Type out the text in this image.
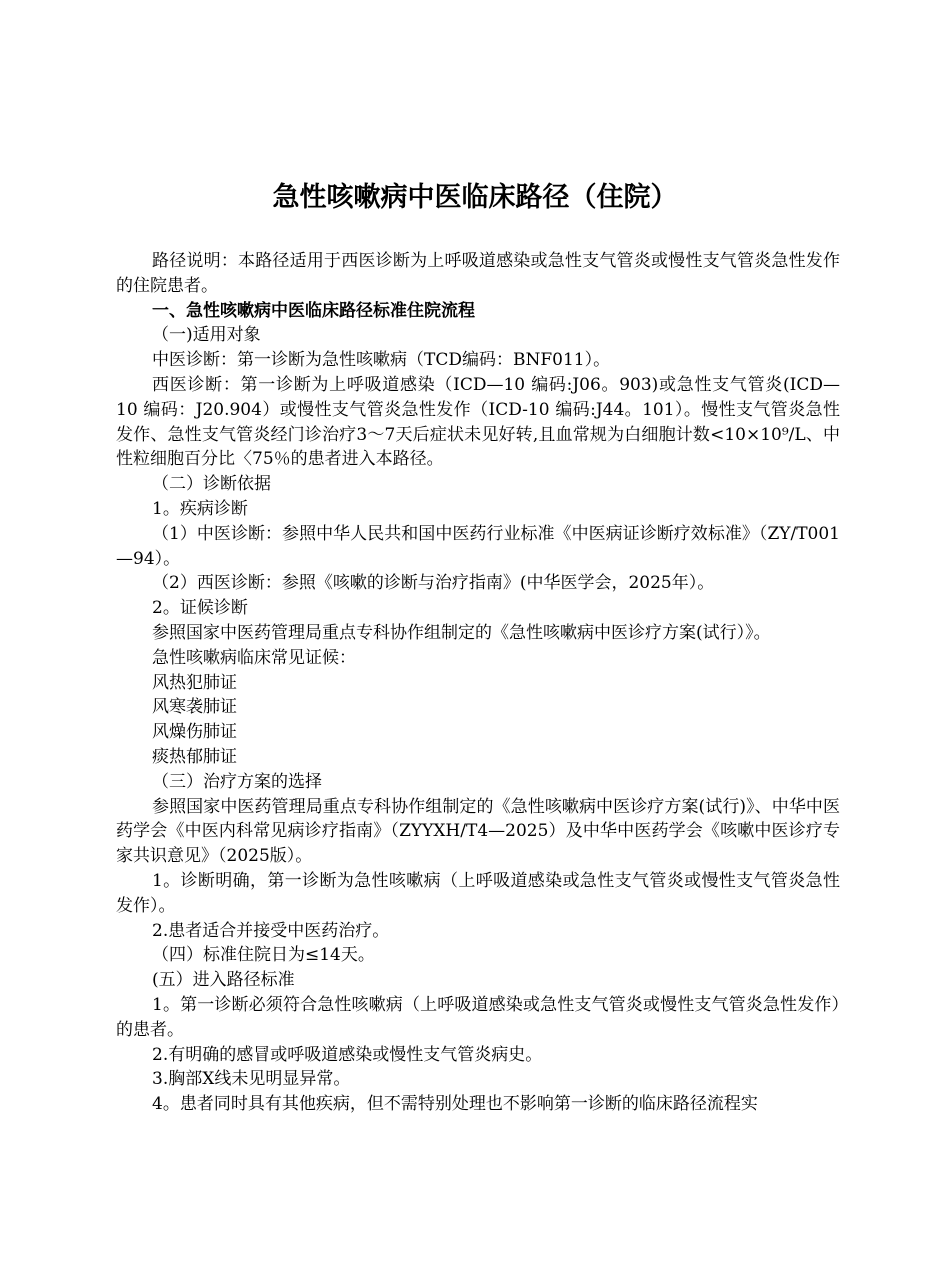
急性咳嗽病中医临床路径（住院）

路径说明：本路径适用于西医诊断为上呼吸道感染或急性支气管炎或慢性支气管炎急性发作的住院患者。

一、急性咳嗽病中医临床路径标准住院流程

（一)适用对象

中医诊断：第一诊断为急性咳嗽病（TCD编码：BNF011）。

西医诊断：第一诊断为上呼吸道感染（ICD—10 编码:J06。903)或急性支气管炎(ICD—10 编码：J20.904）或慢性支气管炎急性发作（ICD-10 编码:J44。101）。慢性支气管炎急性发作、急性支气管炎经门诊治疗3～7天后症状未见好转,且血常规为白细胞计数<10×10⁹/L、中性粒细胞百分比〈75％的患者进入本路径。

（二）诊断依据

1。疾病诊断

（1）中医诊断：参照中华人民共和国中医药行业标准《中医病证诊断疗效标准》（ZY/T001—94）。

（2）西医诊断：参照《咳嗽的诊断与治疗指南》(中华医学会，2025年）。

2。证候诊断

参照国家中医药管理局重点专科协作组制定的《急性咳嗽病中医诊疗方案(试行）》。

急性咳嗽病临床常见证候：

风热犯肺证

风寒袭肺证

风燥伤肺证

痰热郁肺证

（三）治疗方案的选择

参照国家中医药管理局重点专科协作组制定的《急性咳嗽病中医诊疗方案(试行)》、中华中医药学会《中医内科常见病诊疗指南》（ZYYXH/T4—2025）及中华中医药学会《咳嗽中医诊疗专家共识意见》（2025版）。

1。诊断明确，第一诊断为急性咳嗽病（上呼吸道感染或急性支气管炎或慢性支气管炎急性发作）。

2.患者适合并接受中医药治疗。

（四）标准住院日为≤14天。

(五）进入路径标准

1。第一诊断必须符合急性咳嗽病（上呼吸道感染或急性支气管炎或慢性支气管炎急性发作）的患者。

2.有明确的感冒或呼吸道感染或慢性支气管炎病史。

3.胸部X线未见明显异常。

4。患者同时具有其他疾病，但不需特别处理也不影响第一诊断的临床路径流程实
